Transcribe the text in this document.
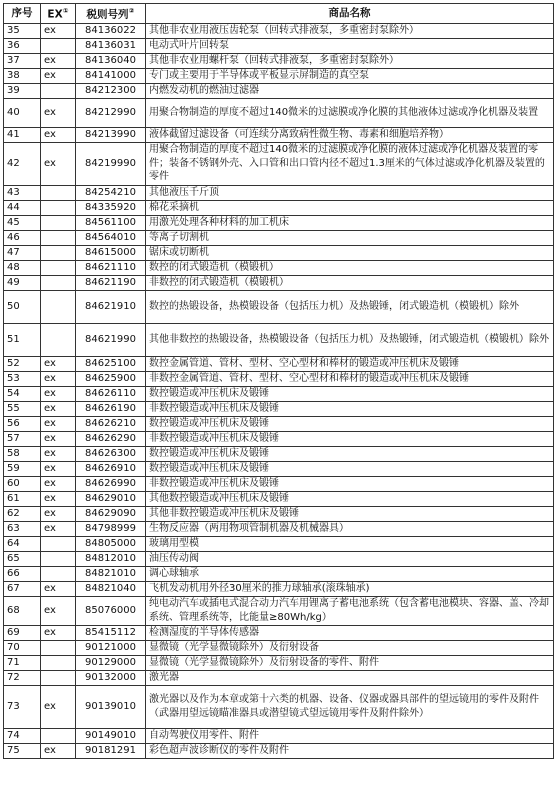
序号	EX①	税则号列②	商品名称
35	ex	84136022	其他非农业用液压齿轮泵（回转式排液泵，多重密封泵除外）
36		84136031	电动式叶片回转泵
37	ex	84136040	其他非农业用螺杆泵（回转式排液泵，多重密封泵除外）
38	ex	84141000	专门或主要用于半导体或平板显示屏制造的真空泵
39		84212300	内燃发动机的燃油过滤器
40	ex	84212990	用聚合物制造的厚度不超过140微米的过滤膜或净化膜的其他液体过滤或净化机器及装置
41	ex	84213990	液体截留过滤设备（可连续分离致病性微生物、毒素和细胞培养物）
42	ex	84219990	用聚合物制造的厚度不超过140微米的过滤膜或净化膜的液体过滤或净化机器及装置的零件；装备不锈钢外壳、入口管和出口管内径不超过1.3厘米的气体过滤或净化机器及装置的零件
43		84254210	其他液压千斤顶
44		84335920	棉花采摘机
45		84561100	用激光处理各种材料的加工机床
46		84564010	等离子切割机
47		84615000	锯床或切断机
48		84621110	数控的闭式锻造机（模锻机）
49		84621190	非数控的闭式锻造机（模锻机）
50		84621910	数控的热锻设备，热模锻设备（包括压力机）及热锻锤，闭式锻造机（模锻机）除外
51		84621990	其他非数控的热锻设备，热模锻设备（包括压力机）及热锻锤，闭式锻造机（模锻机）除外
52	ex	84625100	数控金属管道、管材、型材、空心型材和棒材的锻造或冲压机床及锻锤
53	ex	84625900	非数控金属管道、管材、型材、空心型材和棒材的锻造或冲压机床及锻锤
54	ex	84626110	数控锻造或冲压机床及锻锤
55	ex	84626190	非数控锻造或冲压机床及锻锤
56	ex	84626210	数控锻造或冲压机床及锻锤
57	ex	84626290	非数控锻造或冲压机床及锻锤
58	ex	84626300	数控锻造或冲压机床及锻锤
59	ex	84626910	数控锻造或冲压机床及锻锤
60	ex	84626990	非数控锻造或冲压机床及锻锤
61	ex	84629010	其他数控锻造或冲压机床及锻锤
62	ex	84629090	其他非数控锻造或冲压机床及锻锤
63	ex	84798999	生物反应器（两用物项管制机器及机械器具）
64		84805000	玻璃用型模
65		84812010	油压传动阀
66		84821010	调心球轴承
67	ex	84821040	飞机发动机用外径30厘米的推力球轴承(滚珠轴承)
68	ex	85076000	纯电动汽车或插电式混合动力汽车用锂离子蓄电池系统（包含蓄电池模块、容器、盖、冷却系统、管理系统等，比能量≥80Wh/kg）
69	ex	85415112	检测湿度的半导体传感器
70		90121000	显微镜（光学显微镜除外）及衍射设备
71		90129000	显微镜（光学显微镜除外）及衍射设备的零件、附件
72		90132000	激光器
73	ex	90139010	激光器以及作为本章或第十六类的机器、设备、仪器或器具部件的望远镜用的零件及附件（武器用望远镜瞄准器具或潜望镜式望远镜用零件及附件除外）
74		90149010	自动驾驶仪用零件、附件
75	ex	90181291	彩色超声波诊断仪的零件及附件
